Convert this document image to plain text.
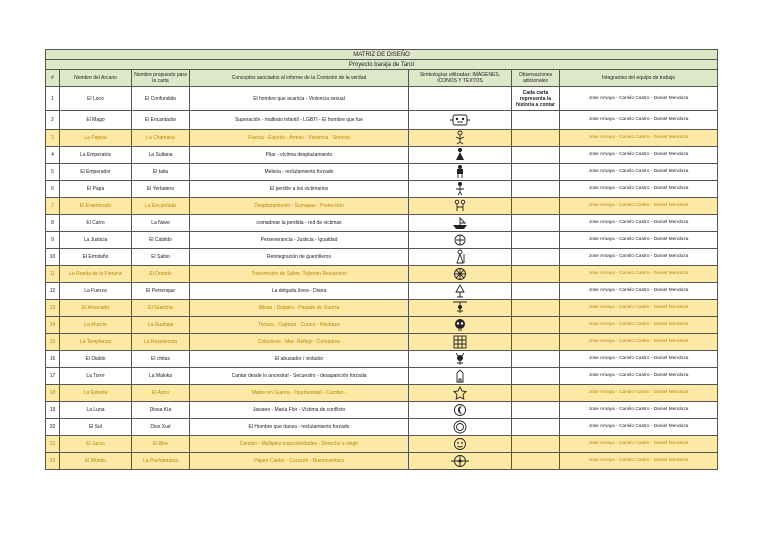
MATRIZ DE DISEÑO						
Proyecto baraja de Tarot						
#	Nombre del Arcano	Nombre propuesto para la carta	Conceptos asociados al informe de la Comisión de la verdad	Simbologías utilizadas: IMÁGENES, ICONOS Y TEXTOS	Observaciones adicionales	Integrantes del equipo de trabajo
1	El Loco	El Confundido	El hombre que acaricia - Violencia sexual		Cada carta representa la historia a contar	Jose Amaya - Camilo Castro - Daniel Mendoza
2	El Mago	El Encantador	Superación - maltrato infantil - LGBTI - El hombre que fue			Jose Amaya - Camilo Castro - Daniel Mendoza
3	La Papisa	La Chamana	Fuerza - Espíritu - Armas - Violencia - Sonrisa			Jose Amaya - Camilo Castro - Daniel Mendoza
4	La Emperatriz	La Sultana	Pilar - víctima desplazamiento			Jose Amaya - Camilo Castro - Daniel Mendoza
5	El Emperador	El taita	Meleria - reclutamiento forzado			Jose Amaya - Camilo Castro - Daniel Mendoza
6	El Papa	El Yerbatero	El perdón a los victimarios			Jose Amaya - Camilo Castro - Daniel Mendoza
7	El Enamorado	La Encantada	Desplazamiento - Sumapaz - Protección			Jose Amaya - Camilo Castro - Daniel Mendoza
8	El Carro	La Nave	comadrear la perdida - red de victimas			Jose Amaya - Camilo Castro - Daniel Mendoza
9	La Justicia	El Cabildo	Perseverancia - Justicia - Igualdad			Jose Amaya - Camilo Castro - Daniel Mendoza
10	El Ermitaño	El Sabio	Reintegración de guerrilleros			Jose Amaya - Camilo Castro - Daniel Mendoza
11	La Rueda de la Fortuna	El Dorado	Transmisión de Saber, Tejiendo Recuerdos			Jose Amaya - Camilo Castro - Daniel Mendoza
12	La Fuerza	El Perrenque	La delgada línea - Diana			Jose Amaya - Camilo Castro - Daniel Mendoza
13	El Ahorcado	El Güeicha	Minas - Disparo - Pasado de Guerra			Jose Amaya - Camilo Castro - Daniel Mendoza
14	La Muerte	La Guahaia	Tortura - Captura - Cursor - Rechazo			Jose Amaya - Camilo Castro - Daniel Mendoza
15	La Templanza	La Resistencia	Colectivos - Mar- Reflejo - Comadreo			Jose Amaya - Camilo Castro - Daniel Mendoza
16	El Diablo	El chitas	El abusador / violador			Jose Amaya - Camilo Castro - Daniel Mendoza
17	La Torre	La Maloka	Cantar desde lo ancestral - Secuestro - desaparición forzada			Jose Amaya - Camilo Castro - Daniel Mendoza
18	La Estrella	El Astro	Madre en Guerra - Oportunidad - Cambio -			Jose Amaya - Camilo Castro - Daniel Mendoza
19	La Luna	Diosa Kía	Jaisane - María Flor - Víctima de conflicto			Jose Amaya - Camilo Castro - Daniel Mendoza
20	El Sol	Dios Xué	El Hombre que danza - reclutamiento forzado			Jose Amaya - Camilo Castro - Daniel Mendoza
21	El Juicio	El Bire	Camión - Multiples masculinidades - Derecho a elegir			Jose Amaya - Camilo Castro - Daniel Mendoza
22	El Mundo	La Pachamama	Pájaro Cantor - Corazón - Buenaventura			Jose Amaya - Camilo Castro - Daniel Mendoza
